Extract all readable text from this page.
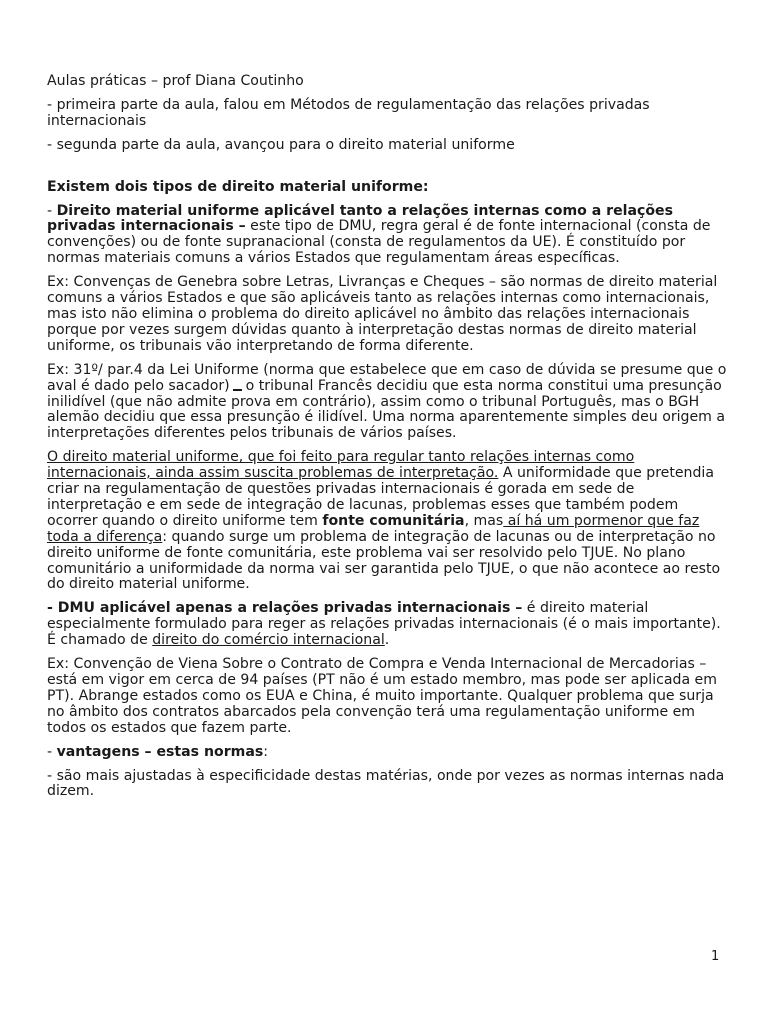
Aulas práticas – prof Diana Coutinho

- primeira parte da aula, falou em Métodos de regulamentação das relações privadas internacionais

- segunda parte da aula, avançou para o direito material uniforme

Existem dois tipos de direito material uniforme:

- Direito material uniforme aplicável tanto a relações internas como a relações privadas internacionais – este tipo de DMU, regra geral é de fonte internacional (consta de convenções) ou de fonte supranacional (consta de regulamentos da UE). É constituído por normas materiais comuns a vários Estados que regulamentam áreas específicas.

Ex: Convenças de Genebra sobre Letras, Livranças e Cheques – são normas de direito material comuns a vários Estados e que são aplicáveis tanto as relações internas como internacionais, mas isto não elimina o problema do direito aplicável no âmbito das relações internacionais porque por vezes surgem dúvidas quanto à interpretação destas normas de direito material uniforme, os tribunais vão interpretando de forma diferente.

Ex: 31º/ par.4 da Lei Uniforme (norma que estabelece que em caso de dúvida se presume que o aval é dado pelo sacador) o tribunal Francês decidiu que esta norma constitui uma presunção inilidível (que não admite prova em contrário), assim como o tribunal Português, mas o BGH alemão decidiu que essa presunção é ilidível. Uma norma aparentemente simples deu origem a interpretações diferentes pelos tribunais de vários países.

O direito material uniforme, que foi feito para regular tanto relações internas como internacionais, ainda assim suscita problemas de interpretação. A uniformidade que pretendia criar na regulamentação de questões privadas internacionais é gorada em sede de interpretação e em sede de integração de lacunas, problemas esses que também podem ocorrer quando o direito uniforme tem fonte comunitária, mas aí há um pormenor que faz toda a diferença: quando surge um problema de integração de lacunas ou de interpretação no direito uniforme de fonte comunitária, este problema vai ser resolvido pelo TJUE. No plano comunitário a uniformidade da norma vai ser garantida pelo TJUE, o que não acontece ao resto do direito material uniforme.

- DMU aplicável apenas a relações privadas internacionais – é direito material especialmente formulado para reger as relações privadas internacionais (é o mais importante). É chamado de direito do comércio internacional.

Ex: Convenção de Viena Sobre o Contrato de Compra e Venda Internacional de Mercadorias – está em vigor em cerca de 94 países (PT não é um estado membro, mas pode ser aplicada em PT). Abrange estados como os EUA e China, é muito importante. Qualquer problema que surja no âmbito dos contratos abarcados pela convenção terá uma regulamentação uniforme em todos os estados que fazem parte.

- vantagens – estas normas:

- são mais ajustadas à especificidade destas matérias, onde por vezes as normas internas nada dizem.

1
